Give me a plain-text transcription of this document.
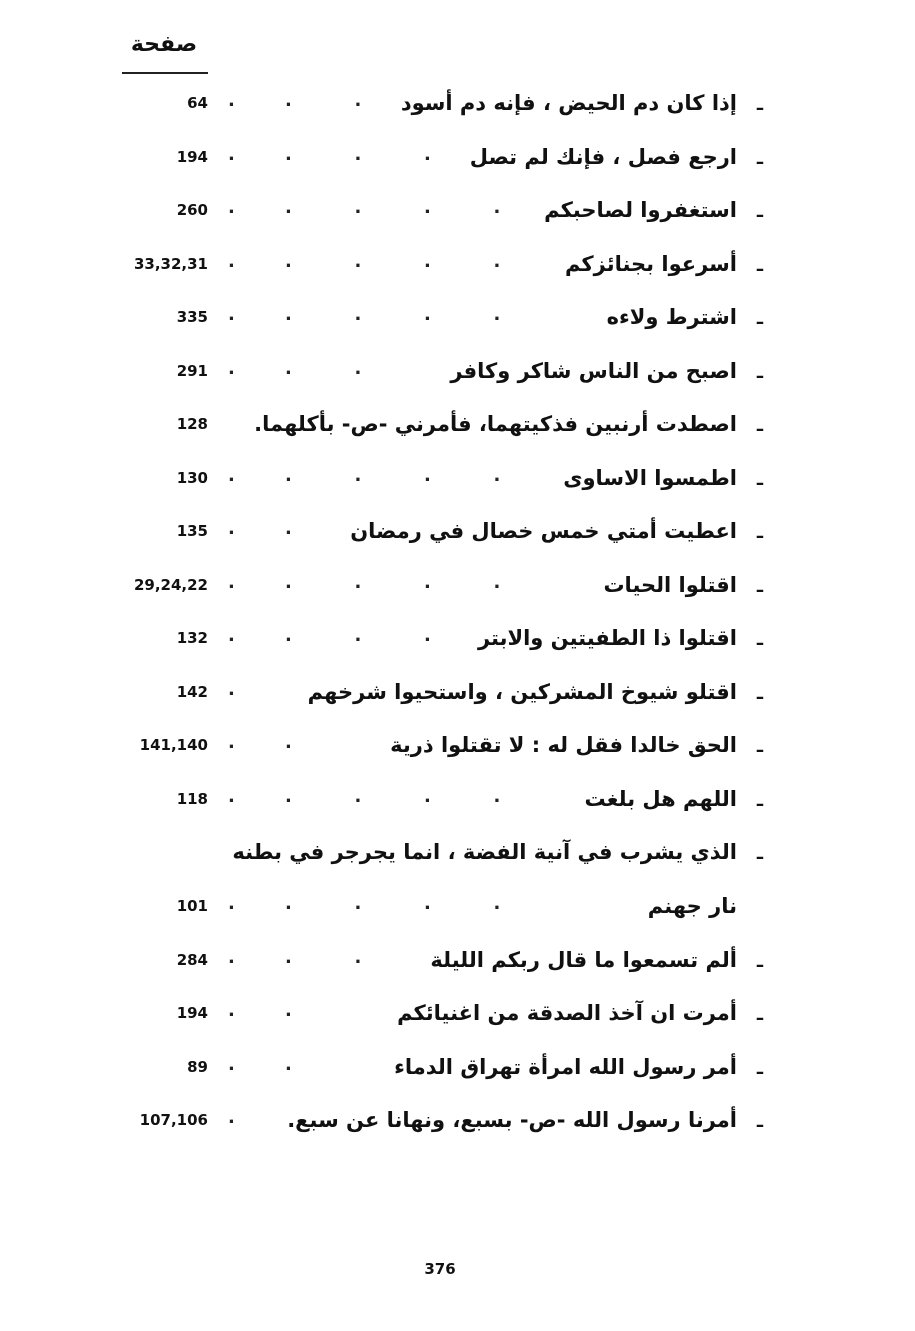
صفحة
ـ
إذا كان دم الحيض ، فإنه دم أسود
.        .          .
64
ـ
ارجع فصل ، فإنك لم تصل
.        .          .          .
194
ـ
استغفروا لصاحبكم
.        .          .          .          .
260
ـ
أسرعوا بجنائزكم
.        .          .          .          .
33,32,31
ـ
اشترط ولاءه
.        .          .          .          .
335
ـ
اصبح من الناس شاكر وكافر
.        .          .
291
ـ
اصطدت أرنبين فذكيتهما، فأمرني -ص- بأكلهما.
128
ـ
اطمسوا الاساوى
.        .          .          .          .
130
ـ
اعطيت أمتي خمس خصال في رمضان
.        .
135
ـ
اقتلوا الحيات
.        .          .          .          .
29,24,22
ـ
اقتلوا ذا الطفيتين والابتر
.        .          .          .
132
ـ
اقتلو شيوخ المشركين ، واستحيوا شرخهم
.
142
ـ
الحق خالدا فقل له : لا تقتلوا ذرية
.        .
141,140
ـ
اللهم هل بلغت
.        .          .          .          .
118
ـ
الذي يشرب في آنية الفضة ، انما يجرجر في بطنه
نار جهنم
.        .          .          .          .
101
ـ
ألم تسمعوا ما قال ربكم الليلة
.        .          .
284
ـ
أمرت ان آخذ الصدقة من اغنيائكم
.        .
194
ـ
أمر رسول الله امرأة تهراق الدماء
.        .
89
ـ
أمرنا رسول الله -ص- بسبع، ونهانا عن سبع.
.
107,106
376
